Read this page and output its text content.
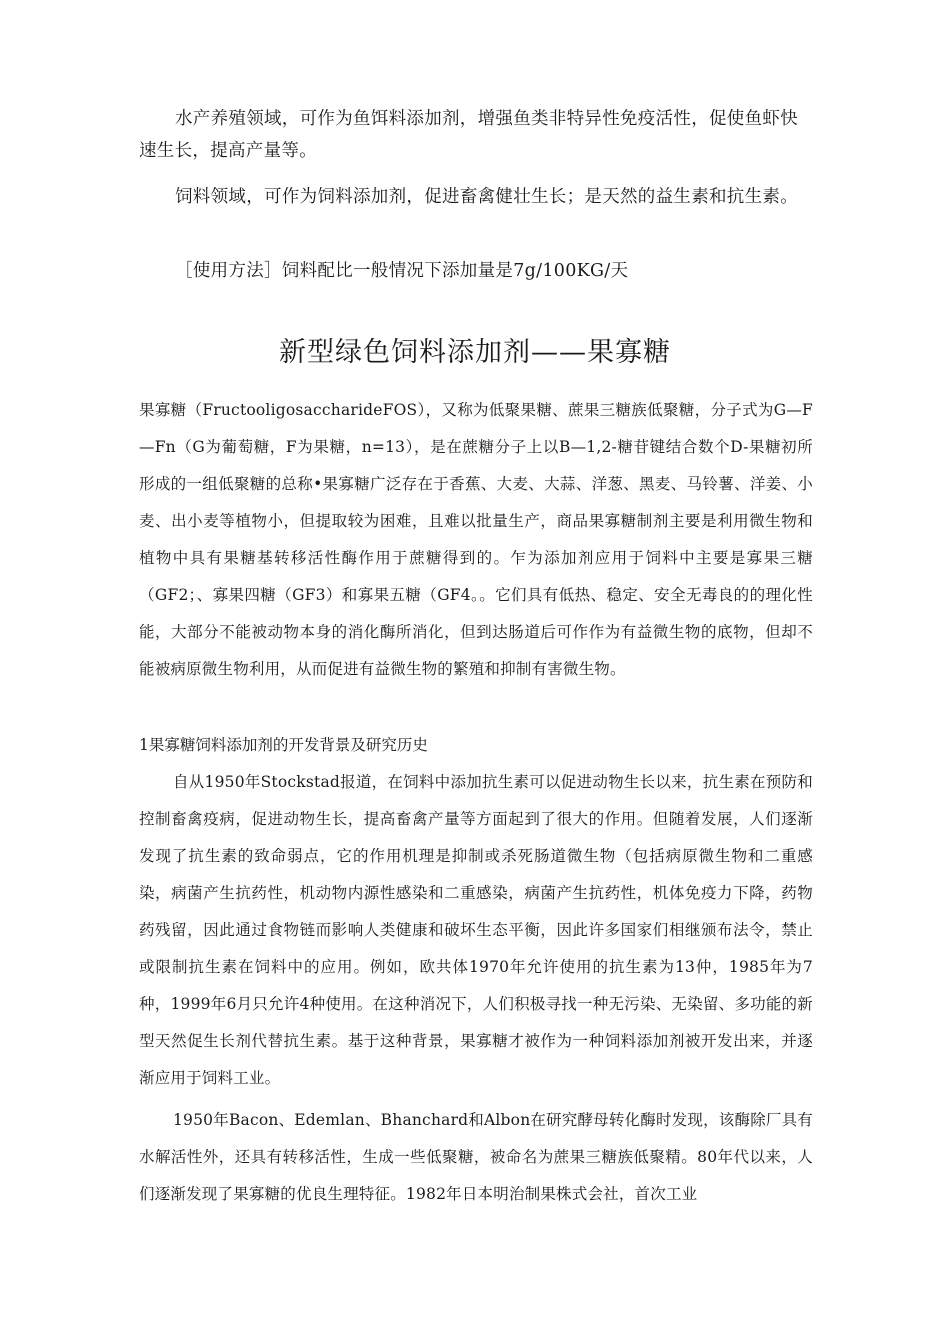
水产养殖领域，可作为鱼饵料添加剂，增强鱼类非特异性免疫活性，促使鱼虾快速生长，提高产量等。

饲料领域，可作为饲料添加剂，促进畜禽健壮生长；是天然的益生素和抗生素。

［使用方法］饲料配比一般情况下添加量是7g/100KG/天

新型绿色饲料添加剂——果寡糖

果寡糖（FructooligosaccharideFOS），又称为低聚果糖、蔗果三糖族低聚糖，分子式为G—F—Fn（G为葡萄糖，F为果糖，n=13），是在蔗糖分子上以B—1,2-糖苷键结合数个D-果糖初所形成的一组低聚糖的总称•果寡糖广泛存在于香蕉、大麦、大蒜、洋葱、黑麦、马铃薯、洋姜、小麦、出小麦等植物小，但提取较为困难，且难以批量生产，商品果寡糖制剂主要是利用微生物和植物中具有果糖基转移活性酶作用于蔗糖得到的。乍为添加剂应用于饲料中主要是寡果三糖（GF2；、寡果四糖（GF3）和寡果五糖（GF4。。它们具有低热、稳定、安全无毒良的的理化性能，大部分不能被动物本身的消化酶所消化，但到达肠道后可作作为有益微生物的底物，但却不能被病原微生物利用，从而促进有益微生物的繁殖和抑制有害微生物。

1果寡糖饲料添加剂的开发背景及研究历史

自从1950年Stockstad报道，在饲料中添加抗生素可以促进动物生长以来，抗生素在预防和控制畜禽疫病，促进动物生长，提高畜禽产量等方面起到了很大的作用。但随着发展，人们逐渐发现了抗生素的致命弱点，它的作用机理是抑制或杀死肠道微生物（包括病原微生物和二重感染，病菌产生抗药性，机动物内源性感染和二重感染，病菌产生抗药性，机体免疫力下降，药物药残留，因此通过食物链而影响人类健康和破坏生态平衡，因此许多国家们相继颁布法令，禁止或限制抗生素在饲料中的应用。例如，欧共体1970年允许使用的抗生素为13仲，1985年为7种，1999年6月只允许4种使用。在这种消况下，人们积极寻找一种无污染、无染留、多功能的新型天然促生长剂代替抗生素。基于这种背景，果寡糖才被作为一种饲料添加剂被开发出来，并逐渐应用于饲料工业。

1950年Bacon、Edemlan、Bhanchard和Albon在研究酵母转化酶时发现，该酶除厂具有水解活性外，还具有转移活性，生成一些低聚糖，被命名为蔗果三糖族低聚精。80年代以来，人们逐渐发现了果寡糖的优良生理特征。1982年日本明治制果株式会社，首次工业
